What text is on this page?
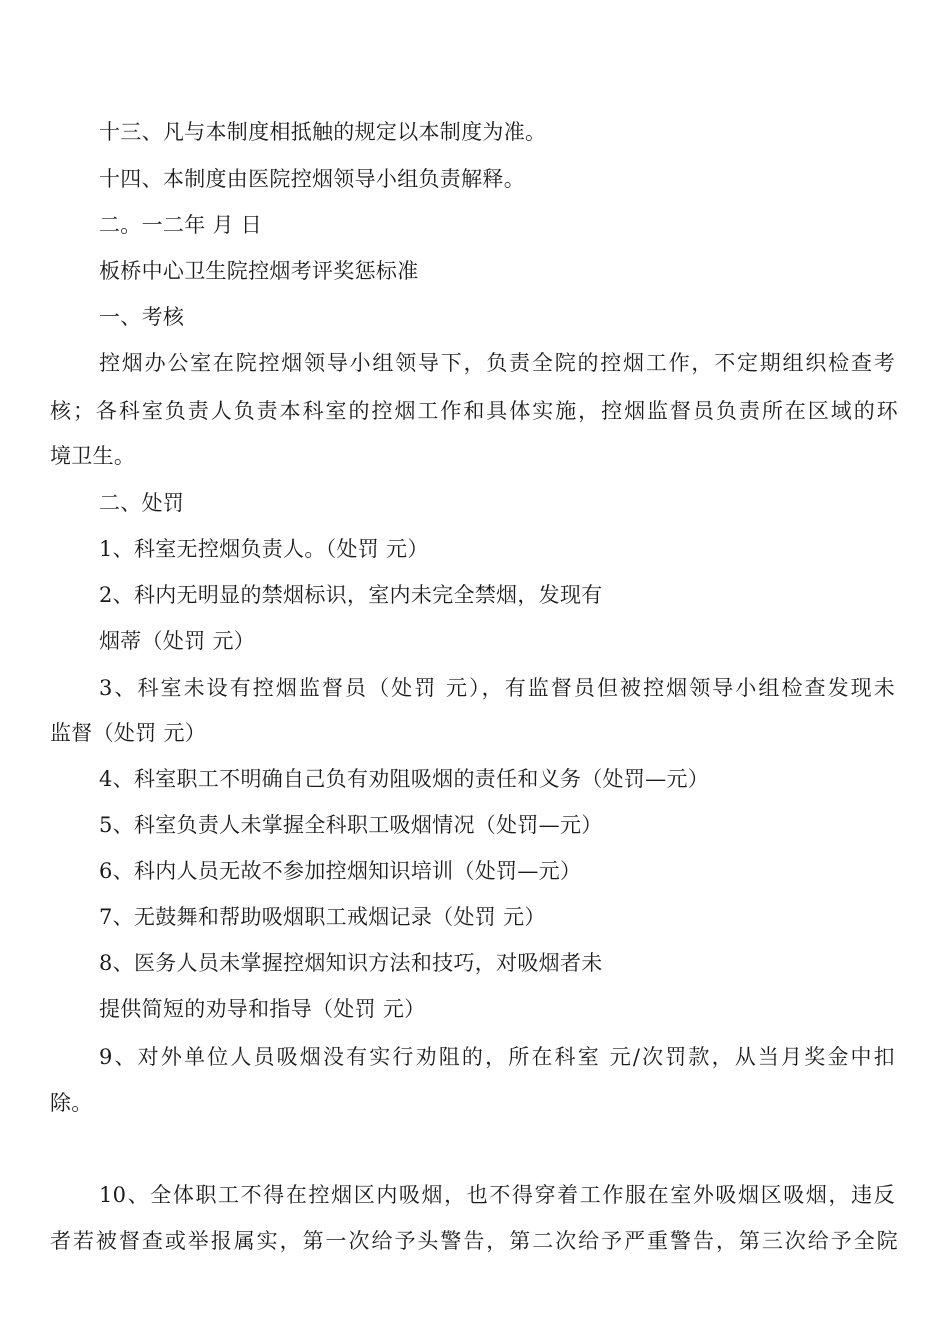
十三、凡与本制度相抵触的规定以本制度为准。
十四、本制度由医院控烟领导小组负责解释。
二。一二年 月 日
板桥中心卫生院控烟考评奖惩标准
一、考核
控烟办公室在院控烟领导小组领导下，负责全院的控烟工作，不定期组织检查考
核；各科室负责人负责本科室的控烟工作和具体实施，控烟监督员负责所在区域的环
境卫生。
二、处罚
1、科室无控烟负责人。（处罚 元）
2、科内无明显的禁烟标识，室内未完全禁烟，发现有
烟蒂（处罚 元）
3、科室未设有控烟监督员（处罚 元），有监督员但被控烟领导小组检查发现未
监督（处罚 元）
4、科室职工不明确自己负有劝阻吸烟的责任和义务（处罚—元）
5、科室负责人未掌握全科职工吸烟情况（处罚—元）
6、科内人员无故不参加控烟知识培训（处罚—元）
7、无鼓舞和帮助吸烟职工戒烟记录（处罚 元）
8、医务人员未掌握控烟知识方法和技巧，对吸烟者未
提供简短的劝导和指导（处罚 元）
9、对外单位人员吸烟没有实行劝阻的，所在科室 元/次罚款，从当月奖金中扣
除。
10、全体职工不得在控烟区内吸烟，也不得穿着工作服在室外吸烟区吸烟，违反
者若被督查或举报属实，第一次给予头警告，第二次给予严重警告，第三次给予全院
